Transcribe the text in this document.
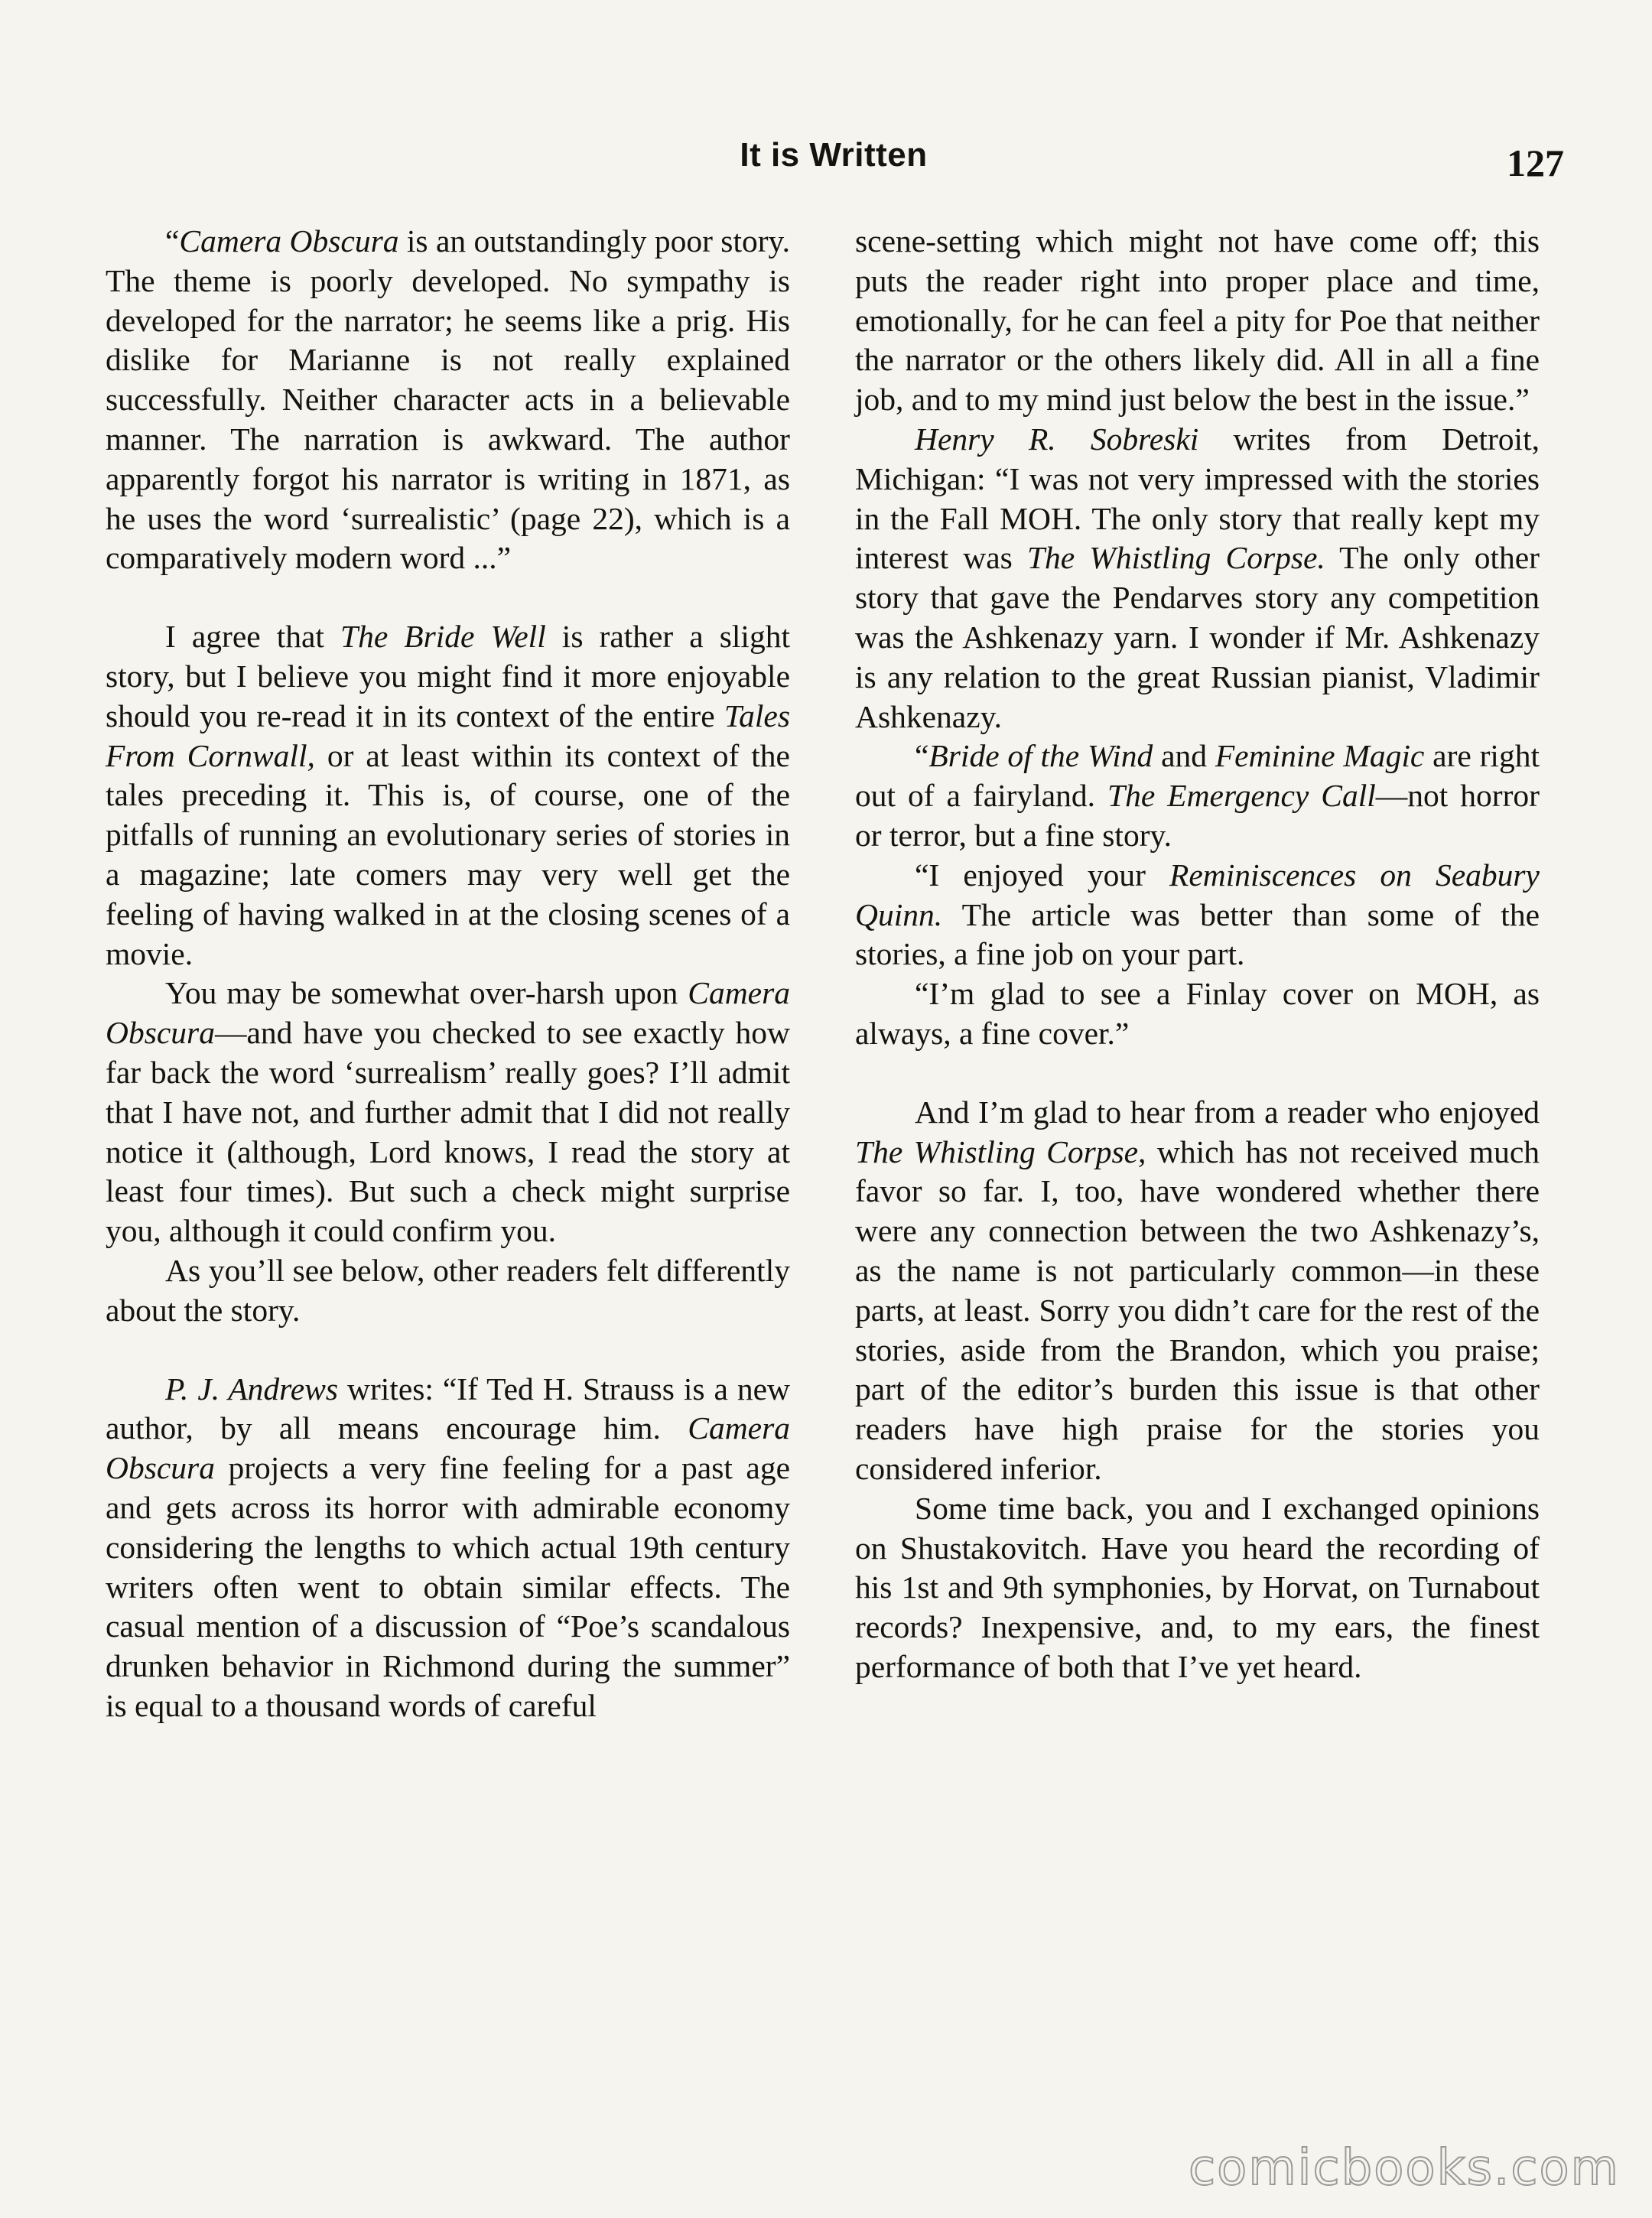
It is Written	127

“Camera Obscura is an outstandingly poor story. The theme is poorly developed. No sympathy is developed for the narrator; he seems like a prig. His dislike for Marianne is not really explained successfully. Neither character acts in a believable manner. The narration is awkward. The author apparently forgot his narrator is writing in 1871, as he uses the word ‘surrealistic’ (page 22), which is a comparatively modern word ...”

I agree that The Bride Well is rather a slight story, but I believe you might find it more enjoyable should you re-read it in its context of the entire Tales From Cornwall, or at least within its context of the tales preceding it. This is, of course, one of the pitfalls of running an evolutionary series of stories in a magazine; late comers may very well get the feeling of having walked in at the closing scenes of a movie.

You may be somewhat over-harsh upon Camera Obscura—and have you checked to see exactly how far back the word ‘surrealism’ really goes? I’ll admit that I have not, and further admit that I did not really notice it (although, Lord knows, I read the story at least four times). But such a check might surprise you, although it could confirm you.

As you’ll see below, other readers felt differently about the story.

P. J. Andrews writes: “If Ted H. Strauss is a new author, by all means encourage him. Camera Obscura projects a very fine feeling for a past age and gets across its horror with admirable economy considering the lengths to which actual 19th century writers often went to obtain similar effects. The casual mention of a discussion of “Poe’s scandalous drunken behavior in Richmond during the summer” is equal to a thousand words of careful

scene-setting which might not have come off; this puts the reader right into proper place and time, emotionally, for he can feel a pity for Poe that neither the narrator or the others likely did. All in all a fine job, and to my mind just below the best in the issue.”

Henry R. Sobreski writes from Detroit, Michigan: “I was not very impressed with the stories in the Fall MOH. The only story that really kept my interest was The Whistling Corpse. The only other story that gave the Pendarves story any competition was the Ashkenazy yarn. I wonder if Mr. Ashkenazy is any relation to the great Russian pianist, Vladimir Ashkenazy.

“Bride of the Wind and Feminine Magic are right out of a fairyland. The Emergency Call—not horror or terror, but a fine story.

“I enjoyed your Reminiscences on Seabury Quinn. The article was better than some of the stories, a fine job on your part.

“I’m glad to see a Finlay cover on MOH, as always, a fine cover.”

And I’m glad to hear from a reader who enjoyed The Whistling Corpse, which has not received much favor so far. I, too, have wondered whether there were any connection between the two Ashkenazy’s, as the name is not particularly common—in these parts, at least. Sorry you didn’t care for the rest of the stories, aside from the Brandon, which you praise; part of the editor’s burden this issue is that other readers have high praise for the stories you considered inferior.

Some time back, you and I exchanged opinions on Shustakovitch. Have you heard the recording of his 1st and 9th symphonies, by Horvat, on Turnabout records? Inexpensive, and, to my ears, the finest performance of both that I’ve yet heard.

comicbooks.com
